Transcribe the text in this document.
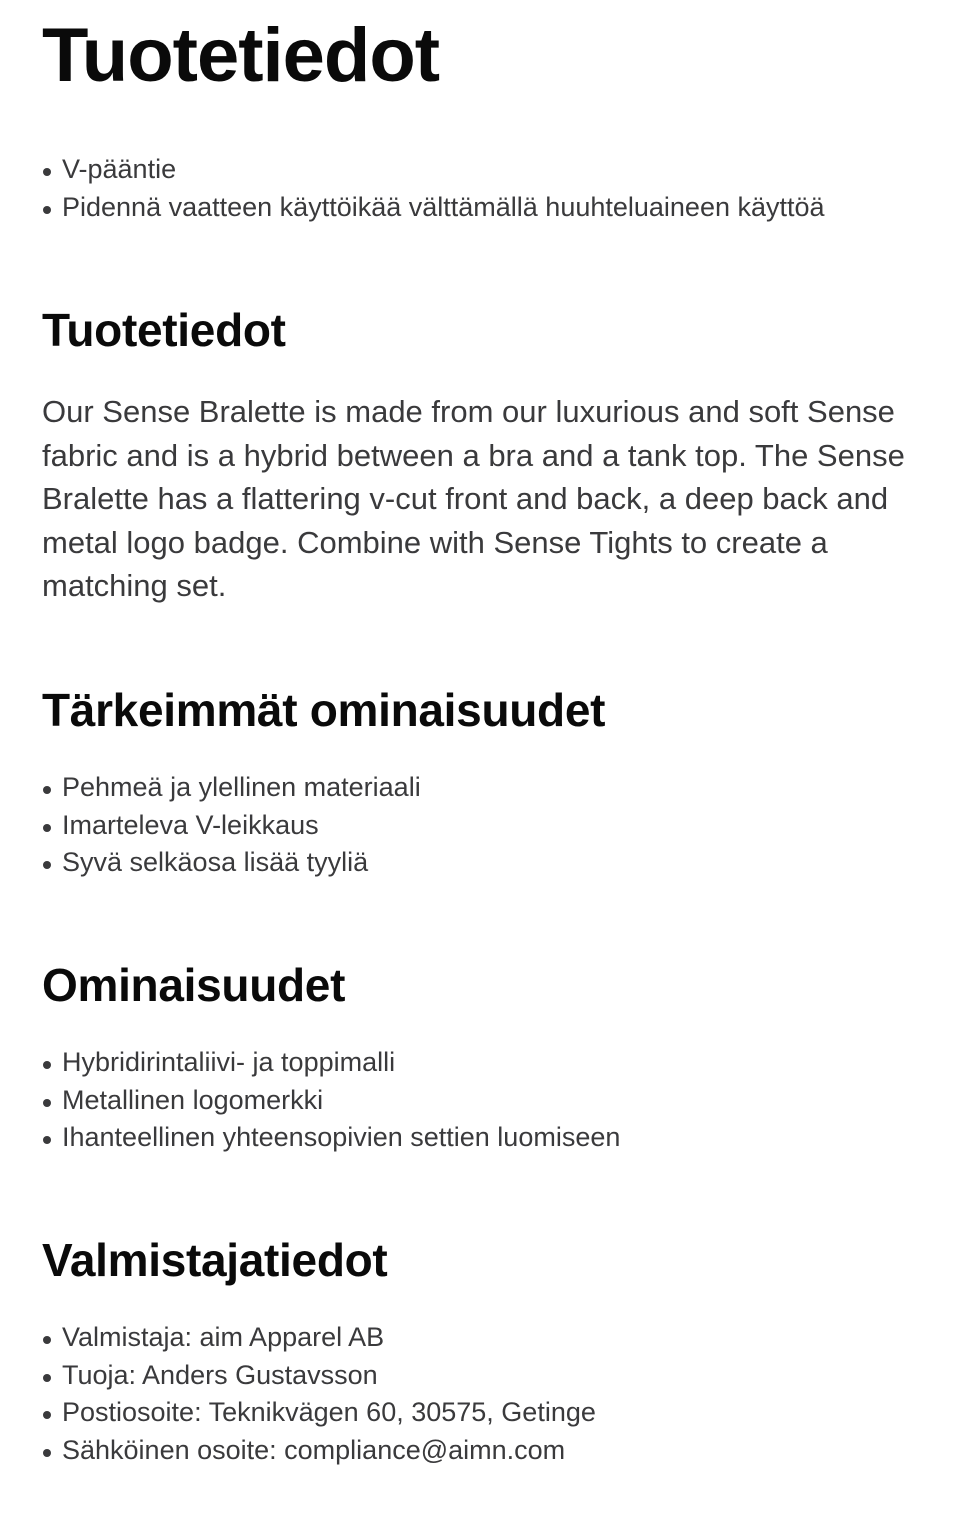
Tuotetiedot
V-pääntie
Pidennä vaatteen käyttöikää välttämällä huuhteluaineen käyttöä
Tuotetiedot

Our Sense Bralette is made from our luxurious and soft Sense fabric and is a hybrid between a bra and a tank top. The Sense Bralette has a flattering v-cut front and back, a deep back and metal logo badge. Combine with Sense Tights to create a matching set.

Tärkeimmät ominaisuudet
Pehmeä ja ylellinen materiaali
Imarteleva V-leikkaus
Syvä selkäosa lisää tyyliä
Ominaisuudet
Hybridirintaliivi- ja toppimalli
Metallinen logomerkki
Ihanteellinen yhteensopivien settien luomiseen
Valmistajatiedot
Valmistaja: aim Apparel AB
Tuoja: Anders Gustavsson
Postiosoite: Teknikvägen 60, 30575, Getinge
Sähköinen osoite: compliance@aimn.com
